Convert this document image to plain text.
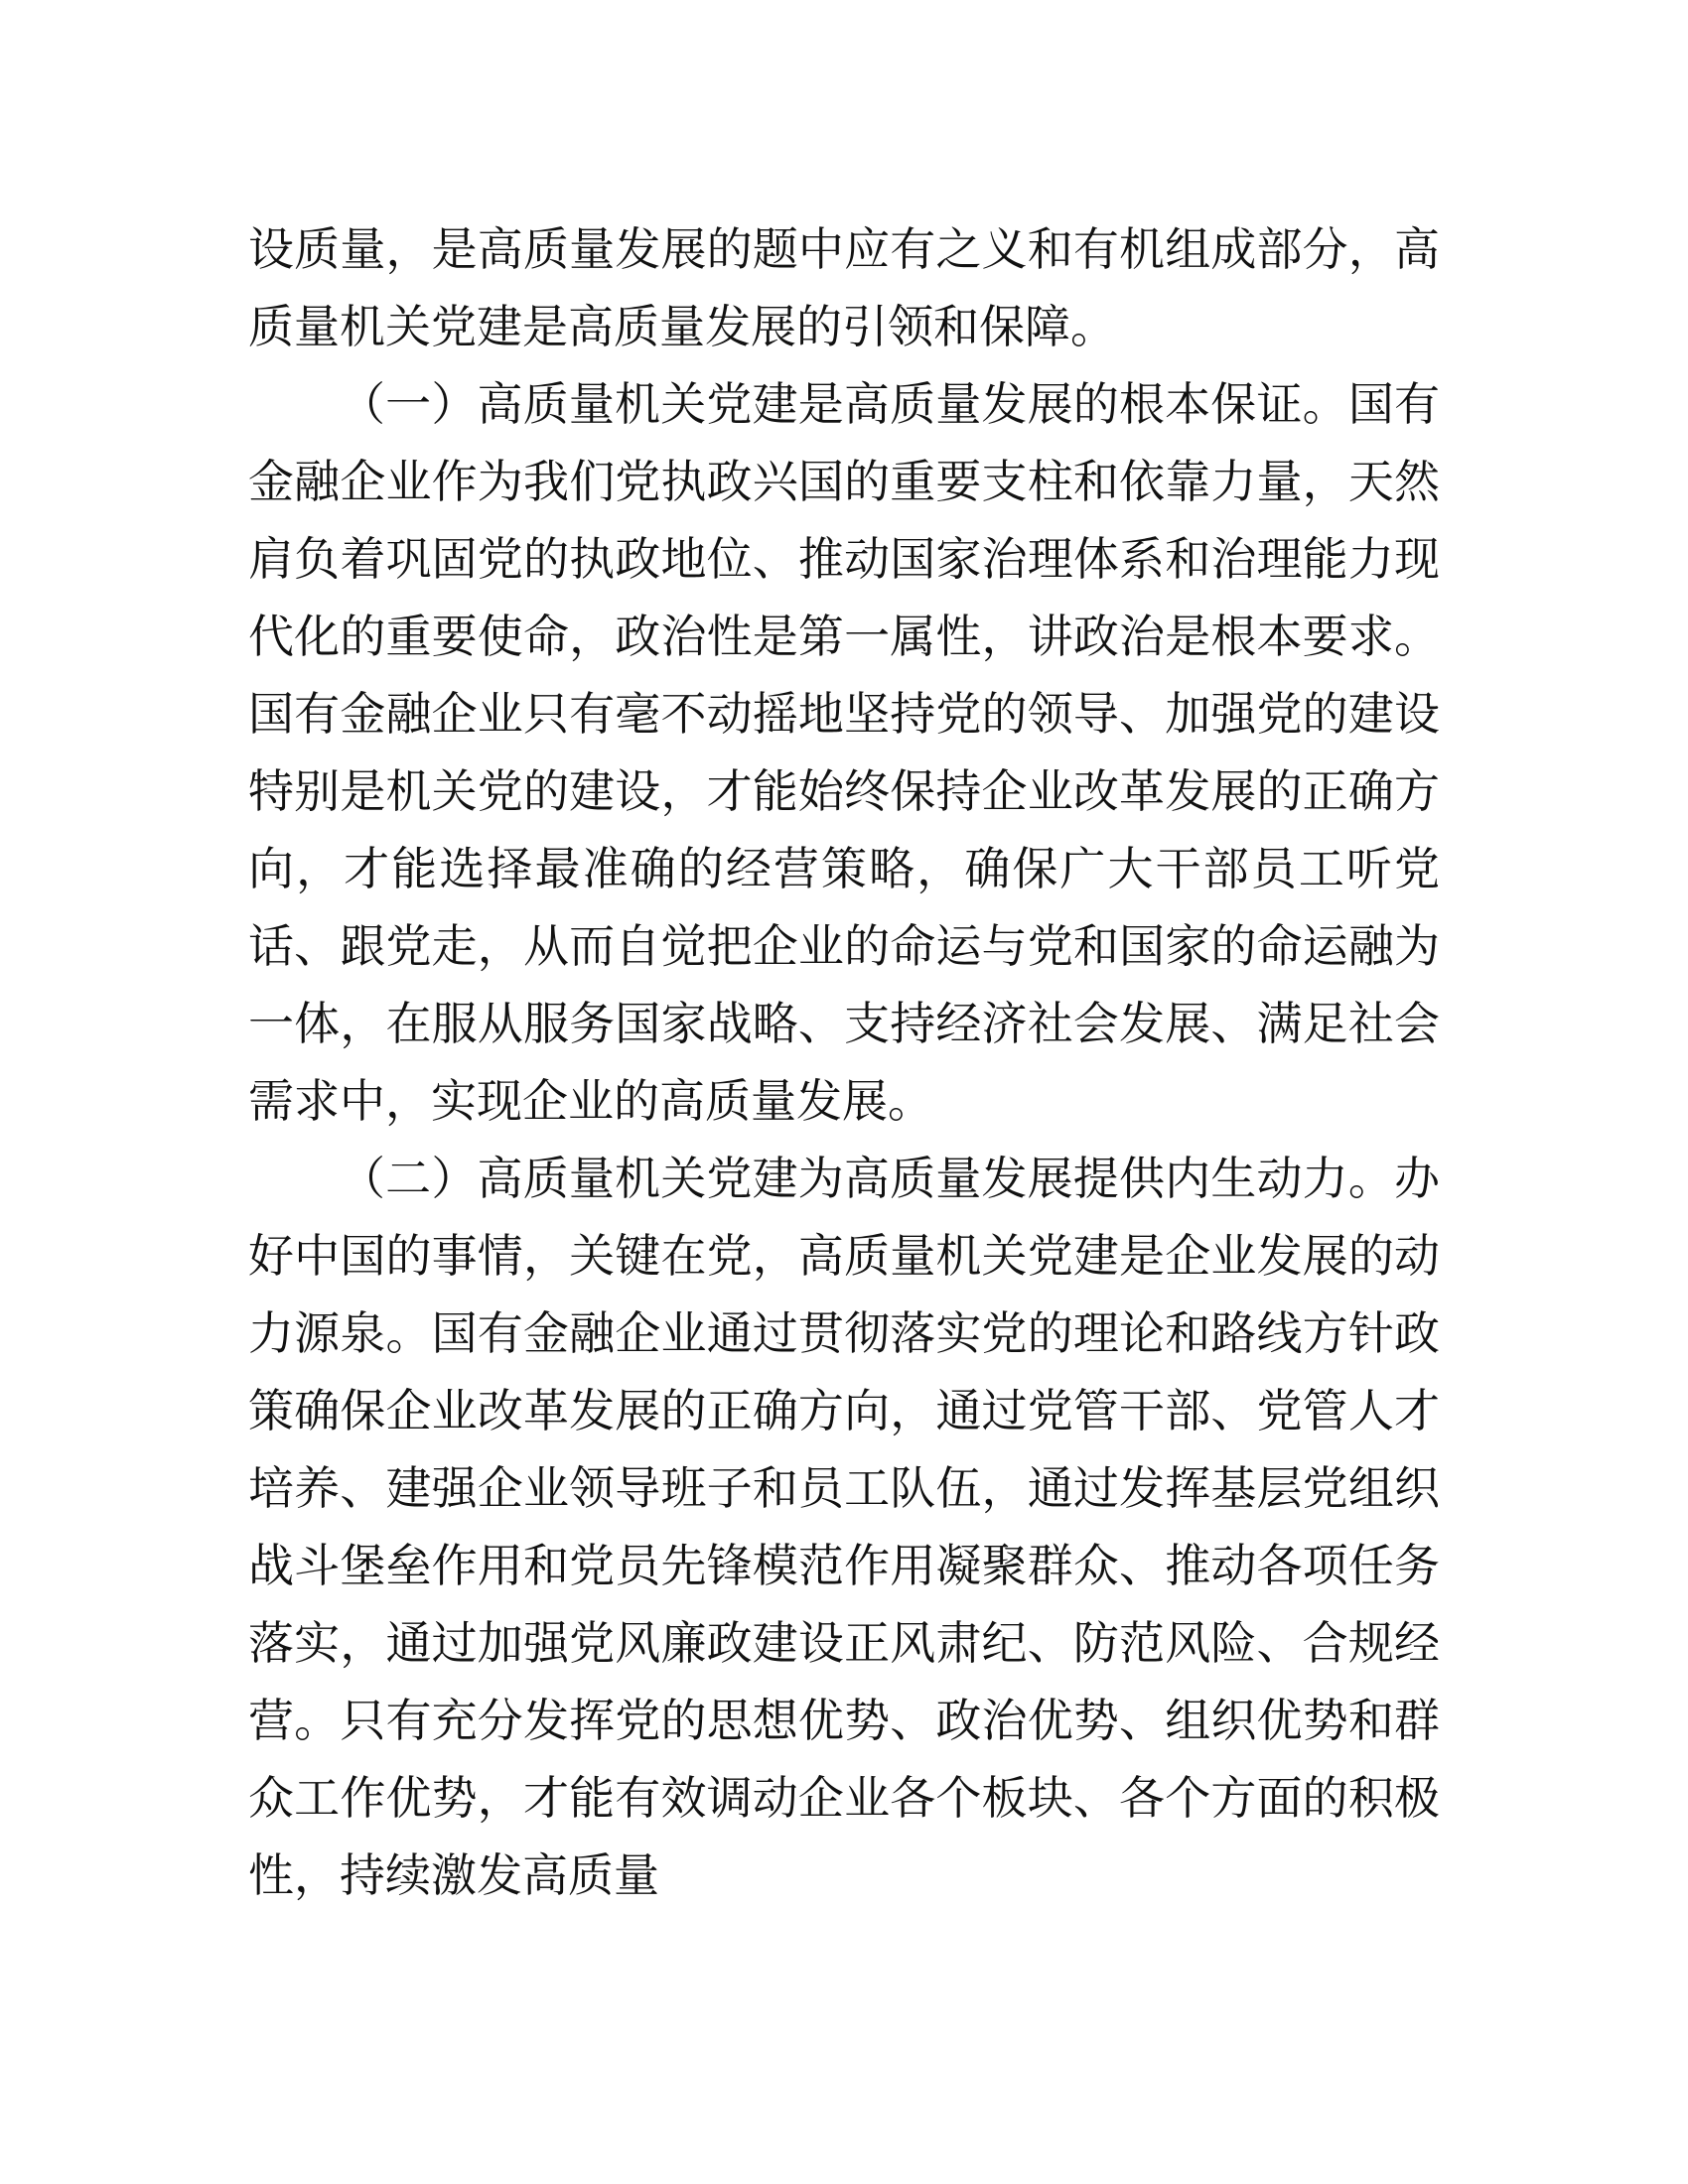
设质量，是高质量发展的题中应有之义和有机组成部分，高质量机关党建是高质量发展的引领和保障。

（一）高质量机关党建是高质量发展的根本保证。国有金融企业作为我们党执政兴国的重要支柱和依靠力量，天然肩负着巩固党的执政地位、推动国家治理体系和治理能力现代化的重要使命，政治性是第一属性，讲政治是根本要求。国有金融企业只有毫不动摇地坚持党的领导、加强党的建设特别是机关党的建设，才能始终保持企业改革发展的正确方向，才能选择最准确的经营策略，确保广大干部员工听党话、跟党走，从而自觉把企业的命运与党和国家的命运融为一体，在服从服务国家战略、支持经济社会发展、满足社会需求中，实现企业的高质量发展。

（二）高质量机关党建为高质量发展提供内生动力。办好中国的事情，关键在党，高质量机关党建是企业发展的动力源泉。国有金融企业通过贯彻落实党的理论和路线方针政策确保企业改革发展的正确方向，通过党管干部、党管人才培养、建强企业领导班子和员工队伍，通过发挥基层党组织战斗堡垒作用和党员先锋模范作用凝聚群众、推动各项任务落实，通过加强党风廉政建设正风肃纪、防范风险、合规经营。只有充分发挥党的思想优势、政治优势、组织优势和群众工作优势，才能有效调动企业各个板块、各个方面的积极性，持续激发高质量
